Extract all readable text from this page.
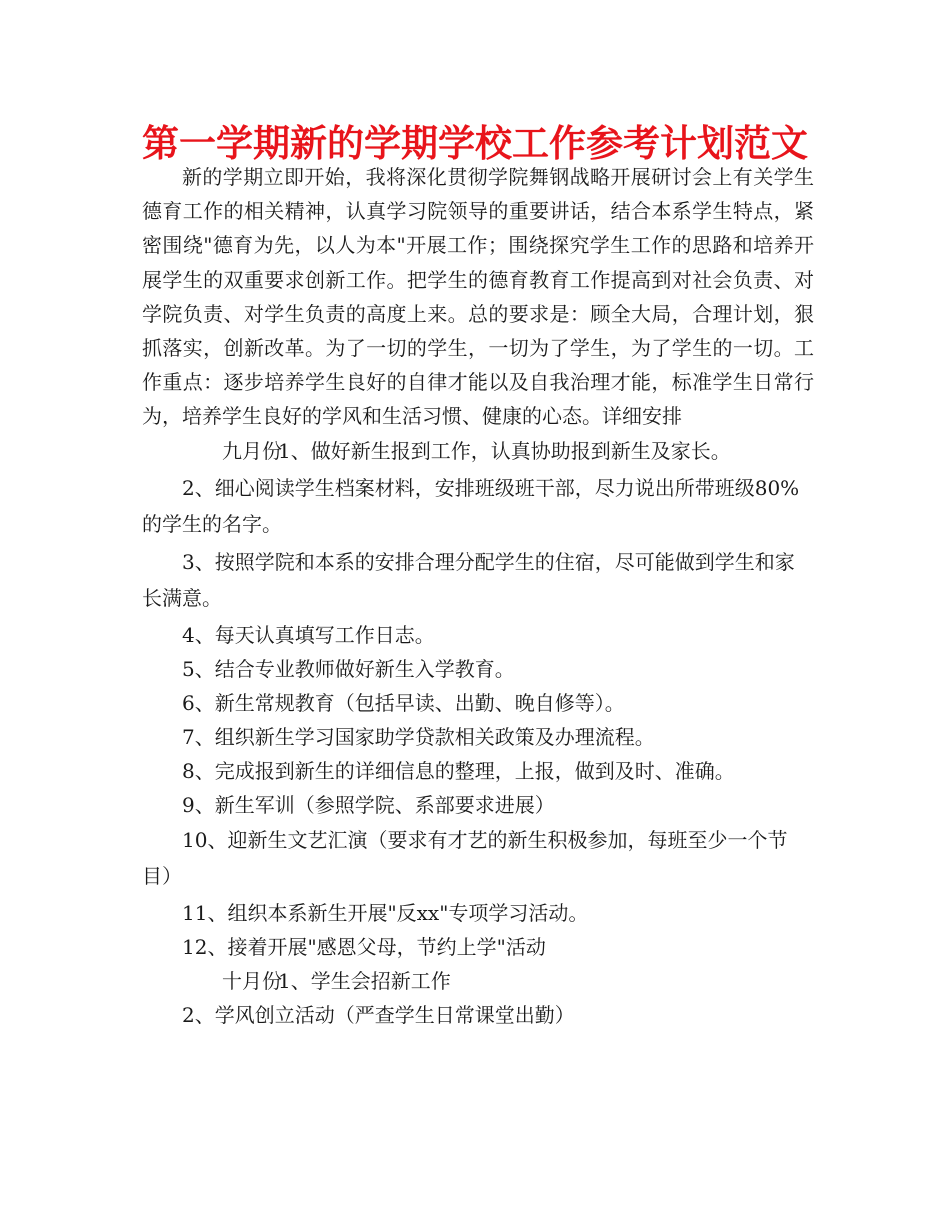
第一学期新的学期学校工作参考计划范文

新的学期立即开始，我将深化贯彻学院舞钢战略开展研讨会上有关学生德育工作的相关精神，认真学习院领导的重要讲话，结合本系学生特点，紧密围绕"德育为先，以人为本"开展工作；围绕探究学生工作的思路和培养开展学生的双重要求创新工作。把学生的德育教育工作提高到对社会负责、对学院负责、对学生负责的高度上来。总的要求是：顾全大局，合理计划，狠抓落实，创新改革。为了一切的学生，一切为了学生，为了学生的一切。工作重点：逐步培养学生良好的自律才能以及自我治理才能，标准学生日常行为，培养学生良好的学风和生活习惯、健康的心态。详细安排

九月份1、做好新生报到工作，认真协助报到新生及家长。

2、细心阅读学生档案材料，安排班级班干部，尽力说出所带班级80%的学生的名字。

3、按照学院和本系的安排合理分配学生的住宿，尽可能做到学生和家长满意。

4、每天认真填写工作日志。

5、结合专业教师做好新生入学教育。

6、新生常规教育（包括早读、出勤、晚自修等）。

7、组织新生学习国家助学贷款相关政策及办理流程。

8、完成报到新生的详细信息的整理，上报，做到及时、准确。

9、新生军训（参照学院、系部要求进展）

10、迎新生文艺汇演（要求有才艺的新生积极参加，每班至少一个节目）

11、组织本系新生开展"反xx"专项学习活动。

12、接着开展"感恩父母，节约上学"活动

十月份1、学生会招新工作

2、学风创立活动（严查学生日常课堂出勤）
